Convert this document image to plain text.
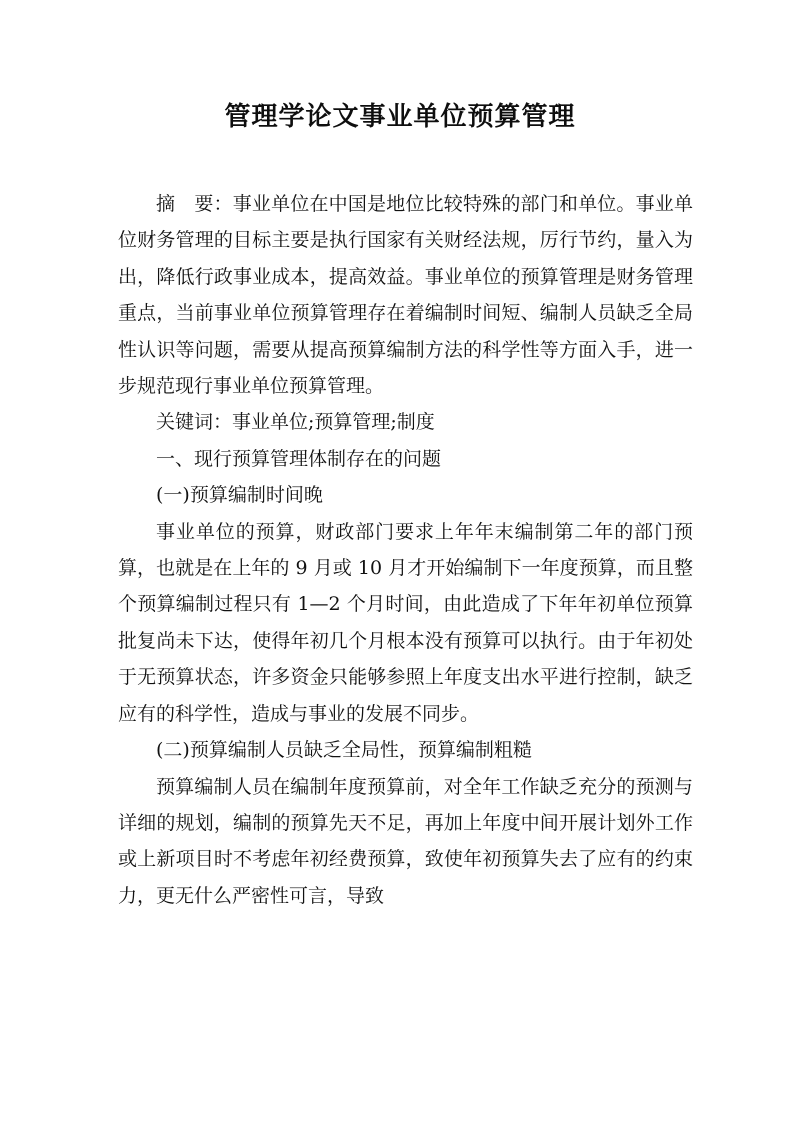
管理学论文事业单位预算管理

摘　要：事业单位在中国是地位比较特殊的部门和单位。事业单位财务管理的目标主要是执行国家有关财经法规，厉行节约，量入为出，降低行政事业成本，提高效益。事业单位的预算管理是财务管理重点，当前事业单位预算管理存在着编制时间短、编制人员缺乏全局性认识等问题，需要从提高预算编制方法的科学性等方面入手，进一步规范现行事业单位预算管理。

关键词：事业单位;预算管理;制度

一、现行预算管理体制存在的问题

(一)预算编制时间晚

事业单位的预算，财政部门要求上年年末编制第二年的部门预算，也就是在上年的 9 月或 10 月才开始编制下一年度预算，而且整个预算编制过程只有 1—2 个月时间，由此造成了下年年初单位预算批复尚未下达，使得年初几个月根本没有预算可以执行。由于年初处于无预算状态，许多资金只能够参照上年度支出水平进行控制，缺乏应有的科学性，造成与事业的发展不同步。

(二)预算编制人员缺乏全局性，预算编制粗糙

预算编制人员在编制年度预算前，对全年工作缺乏充分的预测与详细的规划，编制的预算先天不足，再加上年度中间开展计划外工作或上新项目时不考虑年初经费预算，致使年初预算失去了应有的约束力，更无什么严密性可言，导致
